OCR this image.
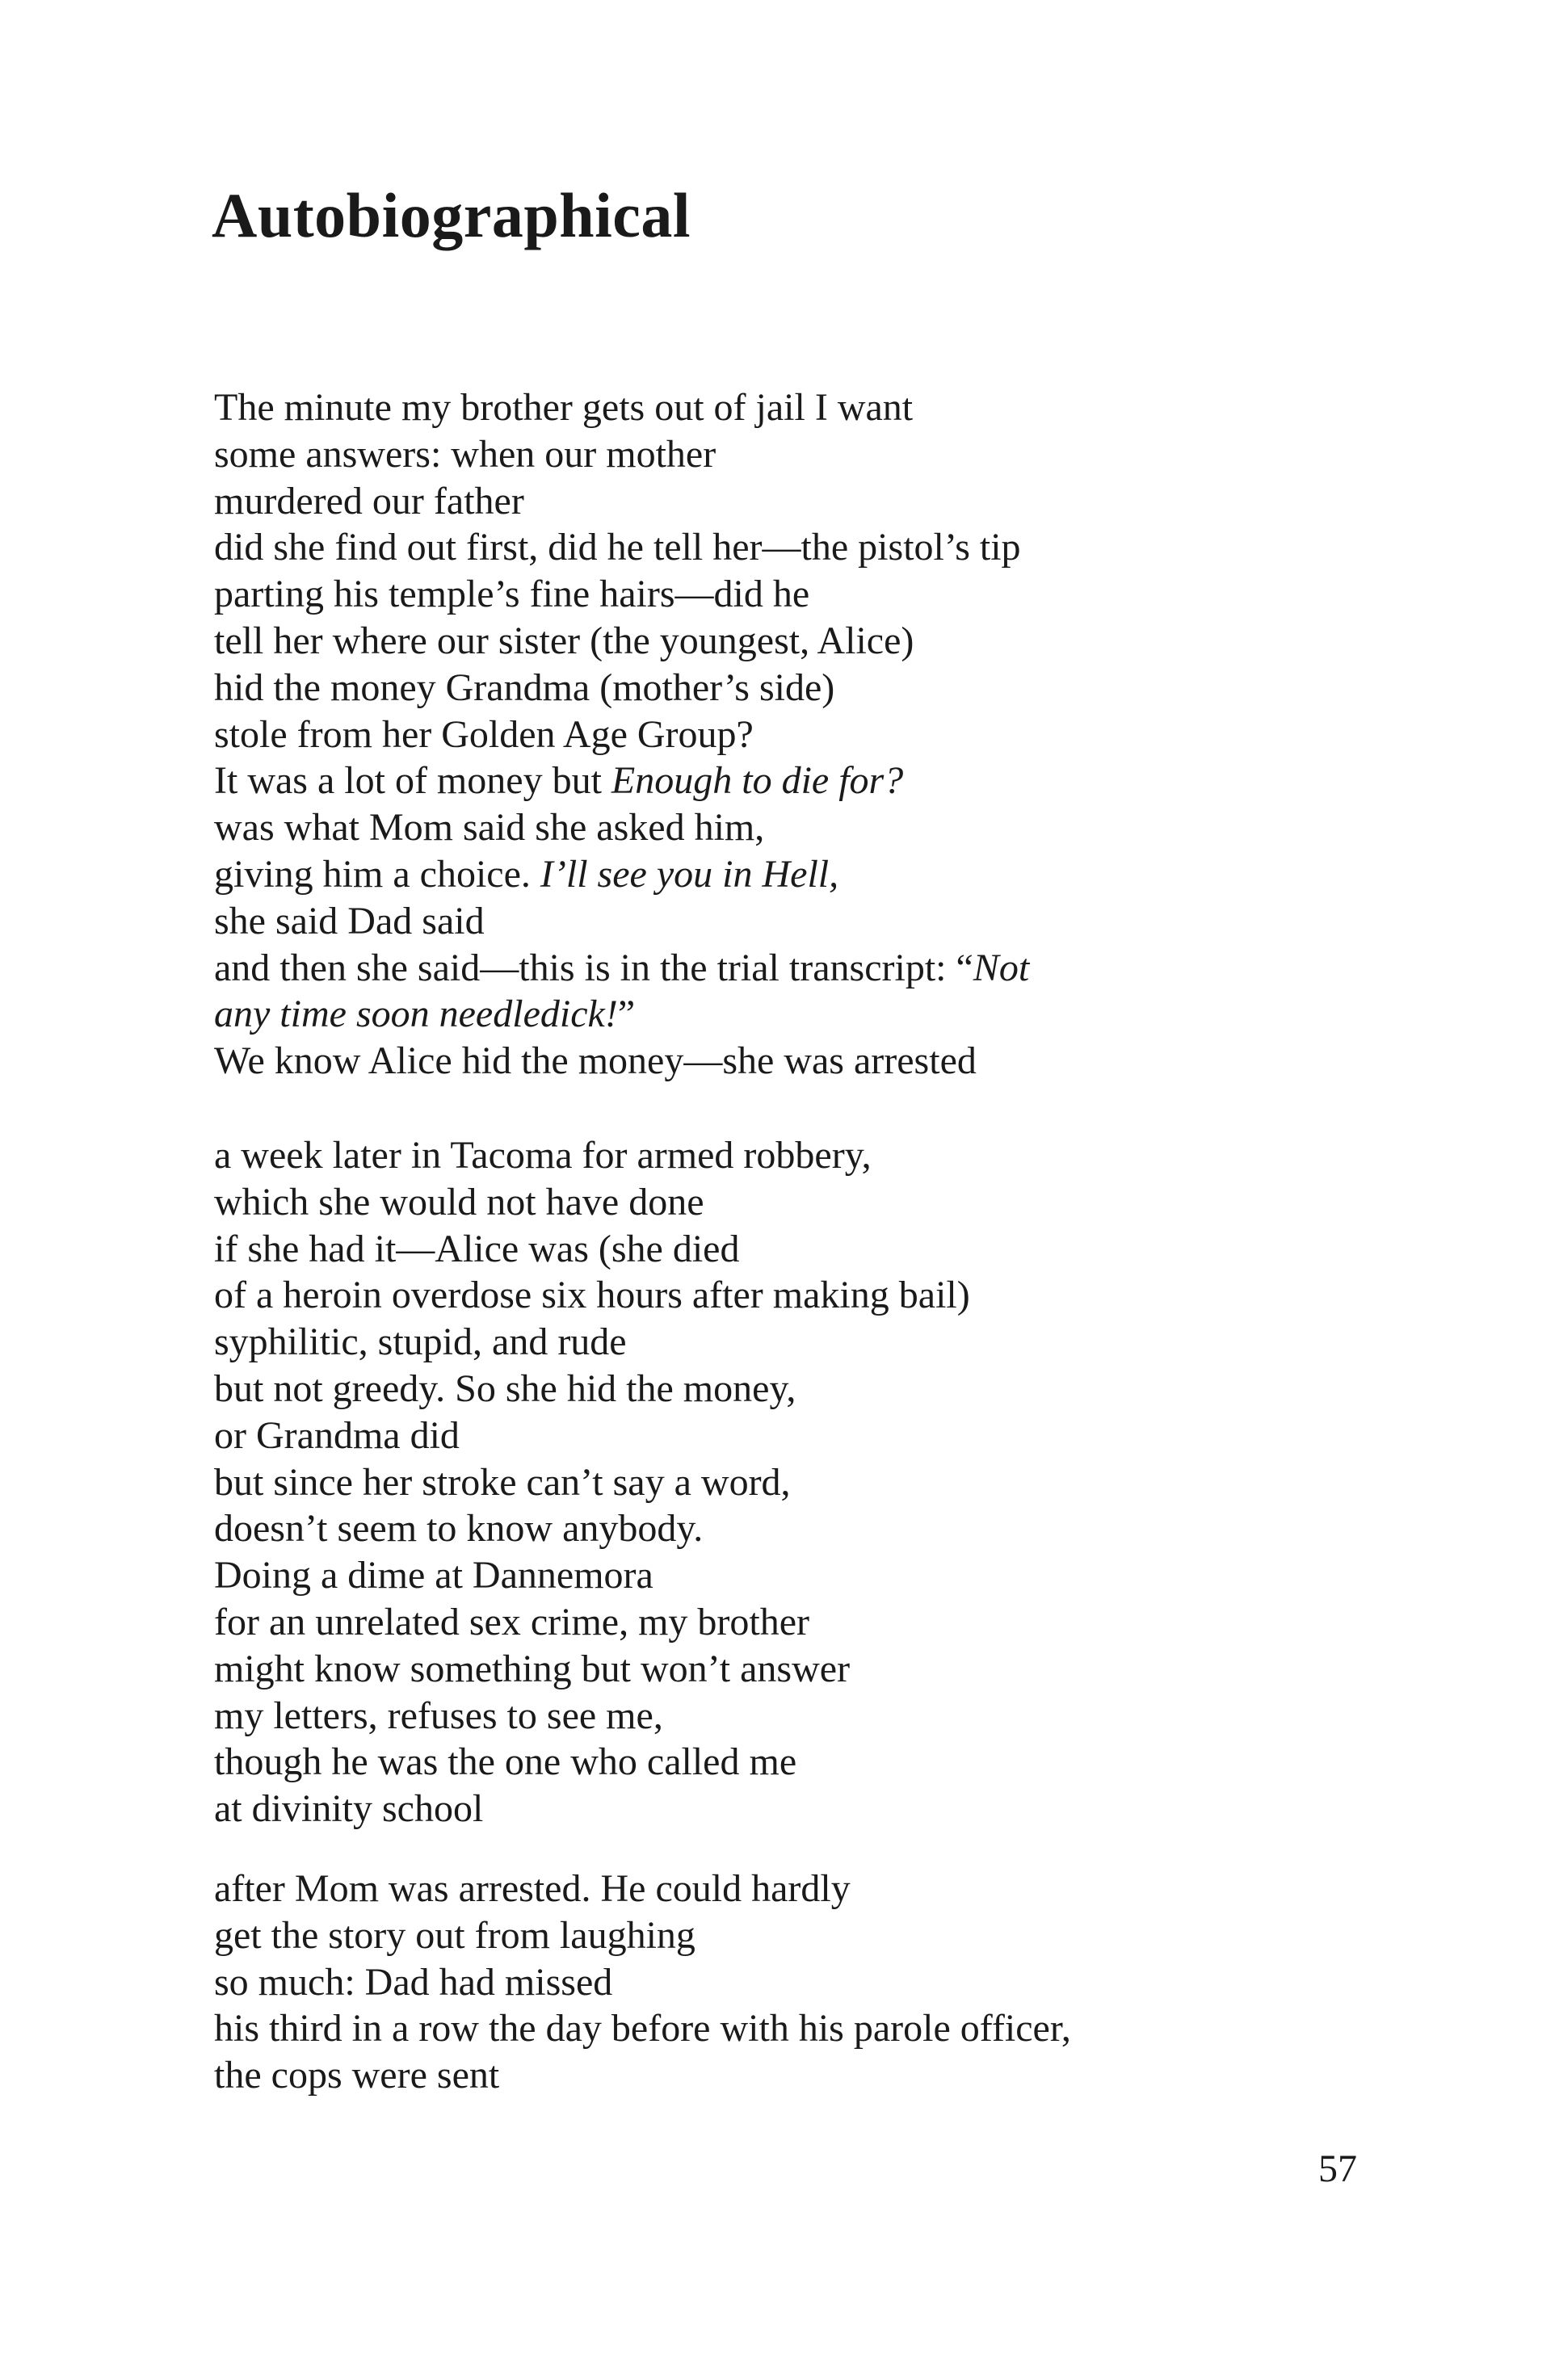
Autobiographical
The minute my brother gets out of jail I want
some answers: when our mother
murdered our father
did she find out first, did he tell her—the pistol’s tip
parting his temple’s fine hairs—did he
tell her where our sister (the youngest, Alice)
hid the money Grandma (mother’s side)
stole from her Golden Age Group?
It was a lot of money but Enough to die for?
was what Mom said she asked him,
giving him a choice. I’ll see you in Hell,
she said Dad said
and then she said—this is in the trial transcript: “Not
any time soon needledick!”
We know Alice hid the money—she was arrested
a week later in Tacoma for armed robbery,
which she would not have done
if she had it—Alice was (she died
of a heroin overdose six hours after making bail)
syphilitic, stupid, and rude
but not greedy. So she hid the money,
or Grandma did
but since her stroke can’t say a word,
doesn’t seem to know anybody.
Doing a dime at Dannemora
for an unrelated sex crime, my brother
might know something but won’t answer
my letters, refuses to see me,
though he was the one who called me
at divinity school
after Mom was arrested. He could hardly
get the story out from laughing
so much: Dad had missed
his third in a row the day before with his parole officer,
the cops were sent
57
